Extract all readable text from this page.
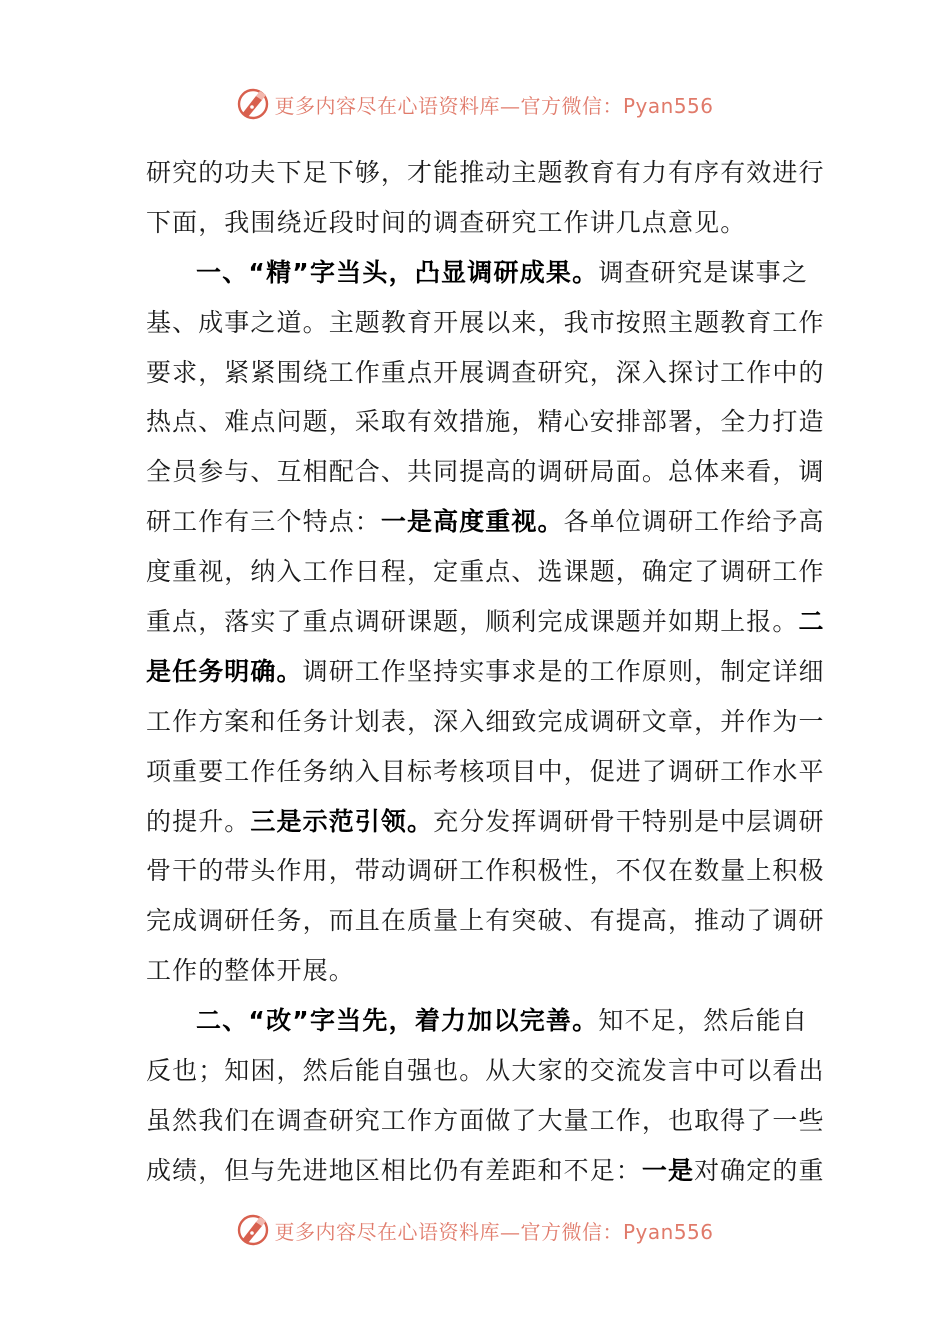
更多内容尽在心语资料库—官方微信：Pyan556
研究的功夫下足下够，才能推动主题教育有力有序有效进行
下面，我围绕近段时间的调查研究工作讲几点意见。
一、“精”字当头，凸显调研成果。调查研究是谋事之
基、成事之道。主题教育开展以来，我市按照主题教育工作
要求，紧紧围绕工作重点开展调查研究，深入探讨工作中的
热点、难点问题，采取有效措施，精心安排部署，全力打造
全员参与、互相配合、共同提高的调研局面。总体来看，调
研工作有三个特点：一是高度重视。各单位调研工作给予高
度重视，纳入工作日程，定重点、选课题，确定了调研工作
重点，落实了重点调研课题，顺利完成课题并如期上报。二
是任务明确。调研工作坚持实事求是的工作原则，制定详细
工作方案和任务计划表，深入细致完成调研文章，并作为一
项重要工作任务纳入目标考核项目中，促进了调研工作水平
的提升。三是示范引领。充分发挥调研骨干特别是中层调研
骨干的带头作用，带动调研工作积极性，不仅在数量上积极
完成调研任务，而且在质量上有突破、有提高，推动了调研
工作的整体开展。
二、“改”字当先，着力加以完善。知不足，然后能自
反也；知困，然后能自强也。从大家的交流发言中可以看出
虽然我们在调查研究工作方面做了大量工作，也取得了一些
成绩，但与先进地区相比仍有差距和不足：一是对确定的重
更多内容尽在心语资料库—官方微信：Pyan556
